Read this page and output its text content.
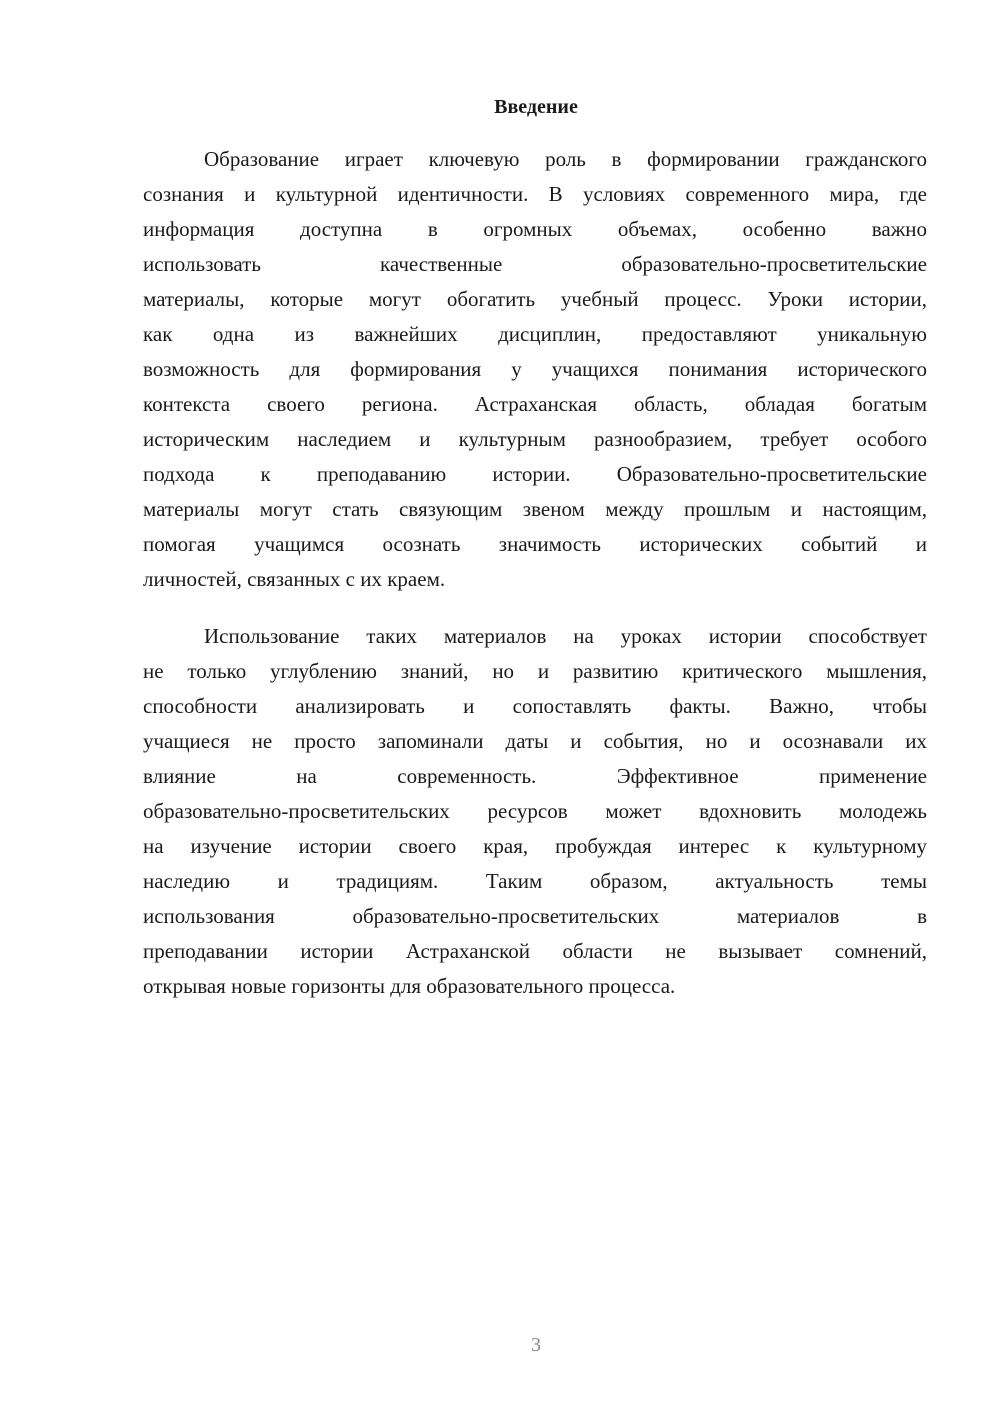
Введение
Образование играет ключевую роль в формировании гражданского
сознания и культурной идентичности. В условиях современного мира, где
информация доступна в огромных объемах, особенно важно
использовать качественные образовательно-просветительские
материалы, которые могут обогатить учебный процесс. Уроки истории,
как одна из важнейших дисциплин, предоставляют уникальную
возможность для формирования у учащихся понимания исторического
контекста своего региона. Астраханская область, обладая богатым
историческим наследием и культурным разнообразием, требует особого
подхода к преподаванию истории. Образовательно-просветительские
материалы могут стать связующим звеном между прошлым и настоящим,
помогая учащимся осознать значимость исторических событий и
личностей, связанных с их краем.
Использование таких материалов на уроках истории способствует
не только углублению знаний, но и развитию критического мышления,
способности анализировать и сопоставлять факты. Важно, чтобы
учащиеся не просто запоминали даты и события, но и осознавали их
влияние на современность. Эффективное применение
образовательно-просветительских ресурсов может вдохновить молодежь
на изучение истории своего края, пробуждая интерес к культурному
наследию и традициям. Таким образом, актуальность темы
использования образовательно-просветительских материалов в
преподавании истории Астраханской области не вызывает сомнений,
открывая новые горизонты для образовательного процесса.
3
